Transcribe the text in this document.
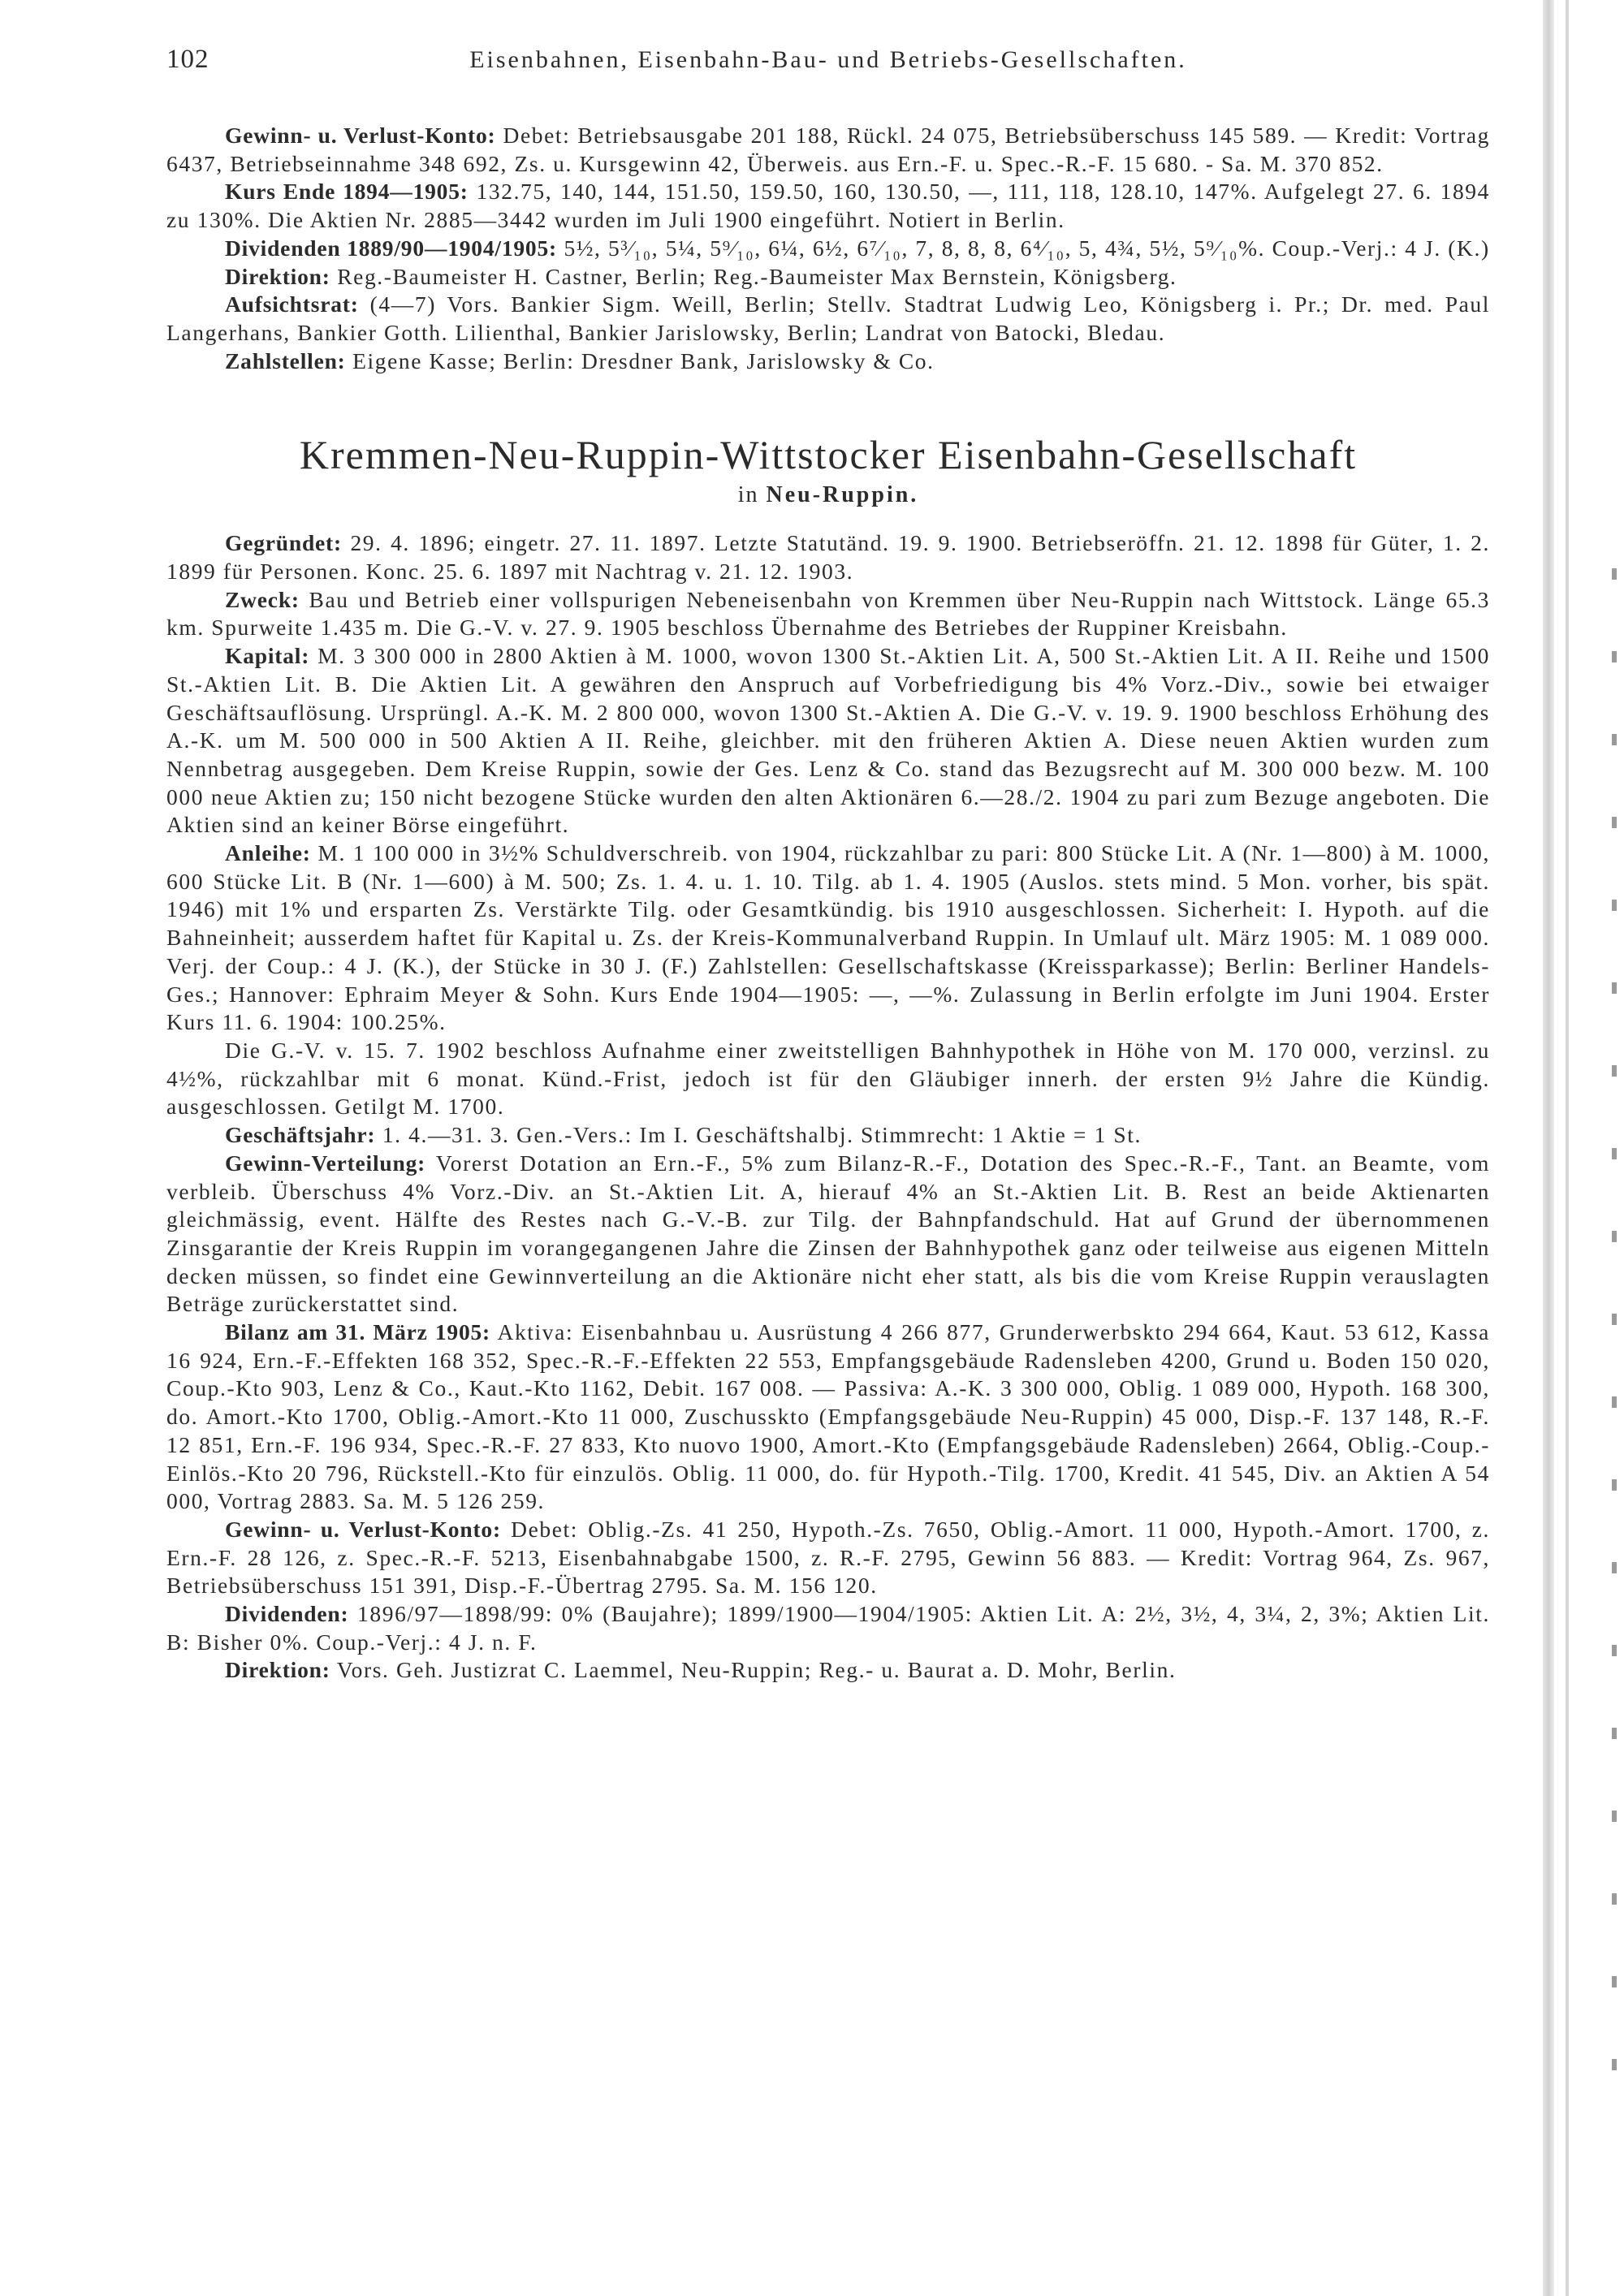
102	Eisenbahnen, Eisenbahn-Bau- und Betriebs-Gesellschaften.

Gewinn- u. Verlust-Konto: Debet: Betriebsausgabe 201 188, Rückl. 24 075, Betriebsüberschuss 145 589. — Kredit: Vortrag 6437, Betriebseinnahme 348 692, Zs. u. Kursgewinn 42, Überweis. aus Ern.-F. u. Spec.-R.-F. 15 680. - Sa. M. 370 852.

Kurs Ende 1894—1905: 132.75, 140, 144, 151.50, 159.50, 160, 130.50, —, 111, 118, 128.10, 147%. Aufgelegt 27. 6. 1894 zu 130%. Die Aktien Nr. 2885—3442 wurden im Juli 1900 eingeführt. Notiert in Berlin.

Dividenden 1889/90—1904/1905: 5½, 5³⁄₁₀, 5¼, 5⁹⁄₁₀, 6¼, 6½, 6⁷⁄₁₀, 7, 8, 8, 8, 6⁴⁄₁₀, 5, 4¾, 5½, 5⁹⁄₁₀%. Coup.-Verj.: 4 J. (K.)

Direktion: Reg.-Baumeister H. Castner, Berlin; Reg.-Baumeister Max Bernstein, Königsberg.

Aufsichtsrat: (4—7) Vors. Bankier Sigm. Weill, Berlin; Stellv. Stadtrat Ludwig Leo, Königsberg i. Pr.; Dr. med. Paul Langerhans, Bankier Gotth. Lilienthal, Bankier Jarislowsky, Berlin; Landrat von Batocki, Bledau.

Zahlstellen: Eigene Kasse; Berlin: Dresdner Bank, Jarislowsky & Co.

Kremmen-Neu-Ruppin-Wittstocker Eisenbahn-Gesellschaft
in Neu-Ruppin.

Gegründet: 29. 4. 1896; eingetr. 27. 11. 1897. Letzte Statutänd. 19. 9. 1900. Betriebseröffn. 21. 12. 1898 für Güter, 1. 2. 1899 für Personen. Konc. 25. 6. 1897 mit Nachtrag v. 21. 12. 1903.

Zweck: Bau und Betrieb einer vollspurigen Nebeneisenbahn von Kremmen über Neu-Ruppin nach Wittstock. Länge 65.3 km. Spurweite 1.435 m. Die G.-V. v. 27. 9. 1905 beschloss Übernahme des Betriebes der Ruppiner Kreisbahn.

Kapital: M. 3 300 000 in 2800 Aktien à M. 1000, wovon 1300 St.-Aktien Lit. A, 500 St.-Aktien Lit. A II. Reihe und 1500 St.-Aktien Lit. B. Die Aktien Lit. A gewähren den Anspruch auf Vorbefriedigung bis 4% Vorz.-Div., sowie bei etwaiger Geschäftsauflösung. Ursprüngl. A.-K. M. 2 800 000, wovon 1300 St.-Aktien A. Die G.-V. v. 19. 9. 1900 beschloss Erhöhung des A.-K. um M. 500 000 in 500 Aktien A II. Reihe, gleichber. mit den früheren Aktien A. Diese neuen Aktien wurden zum Nennbetrag ausgegeben. Dem Kreise Ruppin, sowie der Ges. Lenz & Co. stand das Bezugsrecht auf M. 300 000 bezw. M. 100 000 neue Aktien zu; 150 nicht bezogene Stücke wurden den alten Aktionären 6.—28./2. 1904 zu pari zum Bezuge angeboten. Die Aktien sind an keiner Börse eingeführt.

Anleihe: M. 1 100 000 in 3½% Schuldverschreib. von 1904, rückzahlbar zu pari: 800 Stücke Lit. A (Nr. 1—800) à M. 1000, 600 Stücke Lit. B (Nr. 1—600) à M. 500; Zs. 1. 4. u. 1. 10. Tilg. ab 1. 4. 1905 (Auslos. stets mind. 5 Mon. vorher, bis spät. 1946) mit 1% und ersparten Zs. Verstärkte Tilg. oder Gesamtkündig. bis 1910 ausgeschlossen. Sicherheit: I. Hypoth. auf die Bahneinheit; ausserdem haftet für Kapital u. Zs. der Kreis-Kommunalverband Ruppin. In Umlauf ult. März 1905: M. 1 089 000. Verj. der Coup.: 4 J. (K.), der Stücke in 30 J. (F.) Zahlstellen: Gesellschaftskasse (Kreissparkasse); Berlin: Berliner Handels-Ges.; Hannover: Ephraim Meyer & Sohn. Kurs Ende 1904—1905: —, —%. Zulassung in Berlin erfolgte im Juni 1904. Erster Kurs 11. 6. 1904: 100.25%.

Die G.-V. v. 15. 7. 1902 beschloss Aufnahme einer zweitstelligen Bahnhypothek in Höhe von M. 170 000, verzinsl. zu 4½%, rückzahlbar mit 6 monat. Künd.-Frist, jedoch ist für den Gläubiger innerh. der ersten 9½ Jahre die Kündig. ausgeschlossen. Getilgt M. 1700.

Geschäftsjahr: 1. 4.—31. 3. Gen.-Vers.: Im I. Geschäftshalbj. Stimmrecht: 1 Aktie = 1 St.

Gewinn-Verteilung: Vorerst Dotation an Ern.-F., 5% zum Bilanz-R.-F., Dotation des Spec.-R.-F., Tant. an Beamte, vom verbleib. Überschuss 4% Vorz.-Div. an St.-Aktien Lit. A, hierauf 4% an St.-Aktien Lit. B. Rest an beide Aktienarten gleichmässig, event. Hälfte des Restes nach G.-V.-B. zur Tilg. der Bahnpfandschuld. Hat auf Grund der übernommenen Zinsgarantie der Kreis Ruppin im vorangegangenen Jahre die Zinsen der Bahnhypothek ganz oder teilweise aus eigenen Mitteln decken müssen, so findet eine Gewinnverteilung an die Aktionäre nicht eher statt, als bis die vom Kreise Ruppin verauslagten Beträge zurückerstattet sind.

Bilanz am 31. März 1905: Aktiva: Eisenbahnbau u. Ausrüstung 4 266 877, Grunderwerbskto 294 664, Kaut. 53 612, Kassa 16 924, Ern.-F.-Effekten 168 352, Spec.-R.-F.-Effekten 22 553, Empfangsgebäude Radensleben 4200, Grund u. Boden 150 020, Coup.-Kto 903, Lenz & Co., Kaut.-Kto 1162, Debit. 167 008. — Passiva: A.-K. 3 300 000, Oblig. 1 089 000, Hypoth. 168 300, do. Amort.-Kto 1700, Oblig.-Amort.-Kto 11 000, Zuschusskto (Empfangsgebäude Neu-Ruppin) 45 000, Disp.-F. 137 148, R.-F. 12 851, Ern.-F. 196 934, Spec.-R.-F. 27 833, Kto nuovo 1900, Amort.-Kto (Empfangsgebäude Radensleben) 2664, Oblig.-Coup.-Einlös.-Kto 20 796, Rückstell.-Kto für einzulös. Oblig. 11 000, do. für Hypoth.-Tilg. 1700, Kredit. 41 545, Div. an Aktien A 54 000, Vortrag 2883. Sa. M. 5 126 259.

Gewinn- u. Verlust-Konto: Debet: Oblig.-Zs. 41 250, Hypoth.-Zs. 7650, Oblig.-Amort. 11 000, Hypoth.-Amort. 1700, z. Ern.-F. 28 126, z. Spec.-R.-F. 5213, Eisenbahnabgabe 1500, z. R.-F. 2795, Gewinn 56 883. — Kredit: Vortrag 964, Zs. 967, Betriebsüberschuss 151 391, Disp.-F.-Übertrag 2795. Sa. M. 156 120.

Dividenden: 1896/97—1898/99: 0% (Baujahre); 1899/1900—1904/1905: Aktien Lit. A: 2½, 3½, 4, 3¼, 2, 3%; Aktien Lit. B: Bisher 0%. Coup.-Verj.: 4 J. n. F.

Direktion: Vors. Geh. Justizrat C. Laemmel, Neu-Ruppin; Reg.- u. Baurat a. D. Mohr, Berlin.
